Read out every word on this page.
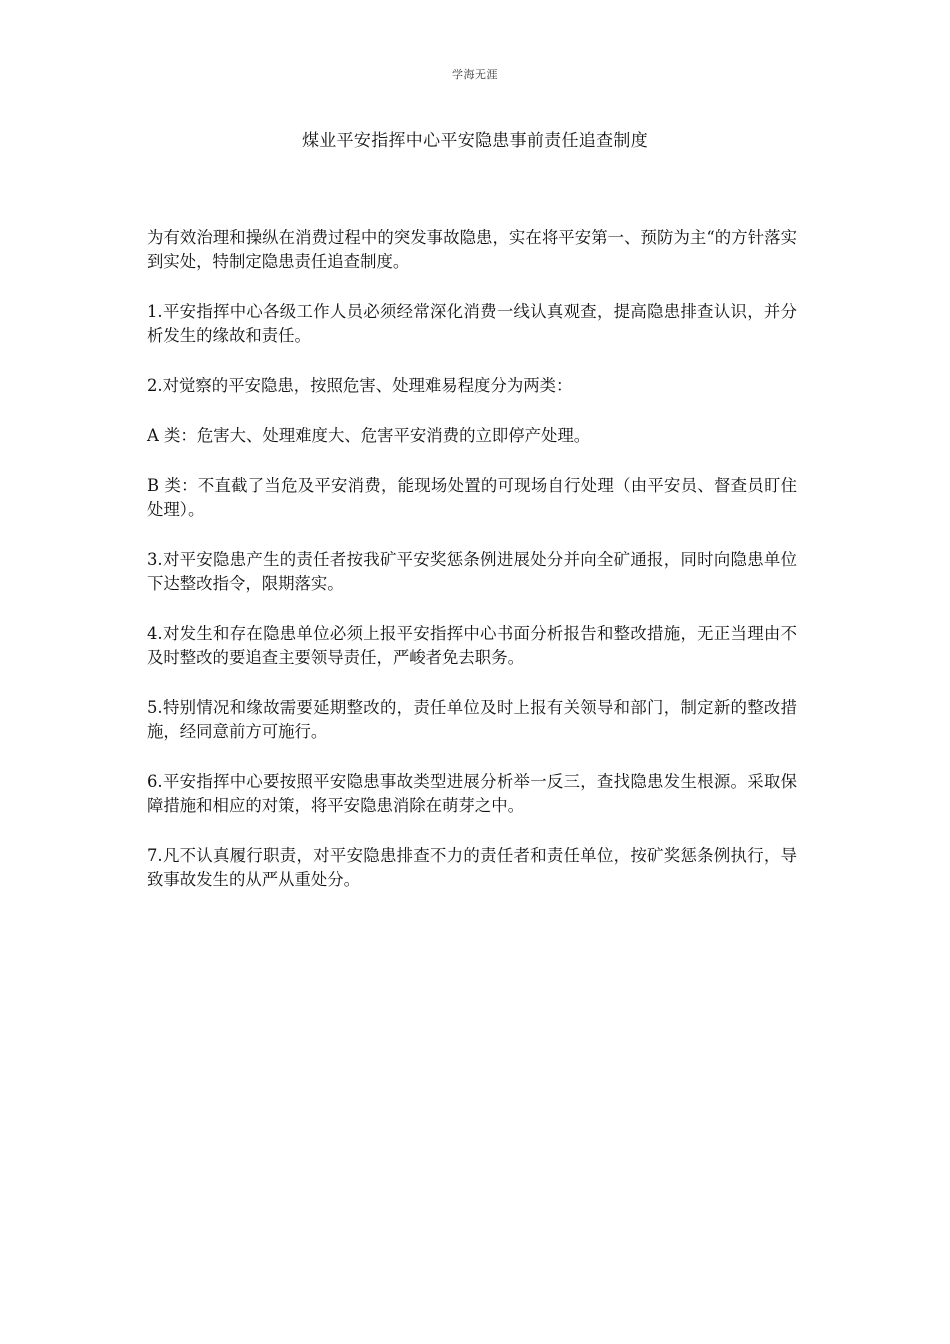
学海无涯
煤业平安指挥中心平安隐患事前责任追查制度

为有效治理和操纵在消费过程中的突发事故隐患，实在将平安第一、预防为主“的方针落实到实处，特制定隐患责任追查制度。

1.平安指挥中心各级工作人员必须经常深化消费一线认真观查，提高隐患排查认识，并分析发生的缘故和责任。

2.对觉察的平安隐患，按照危害、处理难易程度分为两类：

A 类：危害大、处理难度大、危害平安消费的立即停产处理。

B 类：不直截了当危及平安消费，能现场处置的可现场自行处理（由平安员、督查员盯住处理）。

3.对平安隐患产生的责任者按我矿平安奖惩条例进展处分并向全矿通报，同时向隐患单位下达整改指令，限期落实。

4.对发生和存在隐患单位必须上报平安指挥中心书面分析报告和整改措施，无正当理由不及时整改的要追查主要领导责任，严峻者免去职务。

5.特别情况和缘故需要延期整改的，责任单位及时上报有关领导和部门，制定新的整改措施，经同意前方可施行。

6.平安指挥中心要按照平安隐患事故类型进展分析举一反三，查找隐患发生根源。采取保障措施和相应的对策，将平安隐患消除在萌芽之中。

7.凡不认真履行职责，对平安隐患排查不力的责任者和责任单位，按矿奖惩条例执行，导致事故发生的从严从重处分。
